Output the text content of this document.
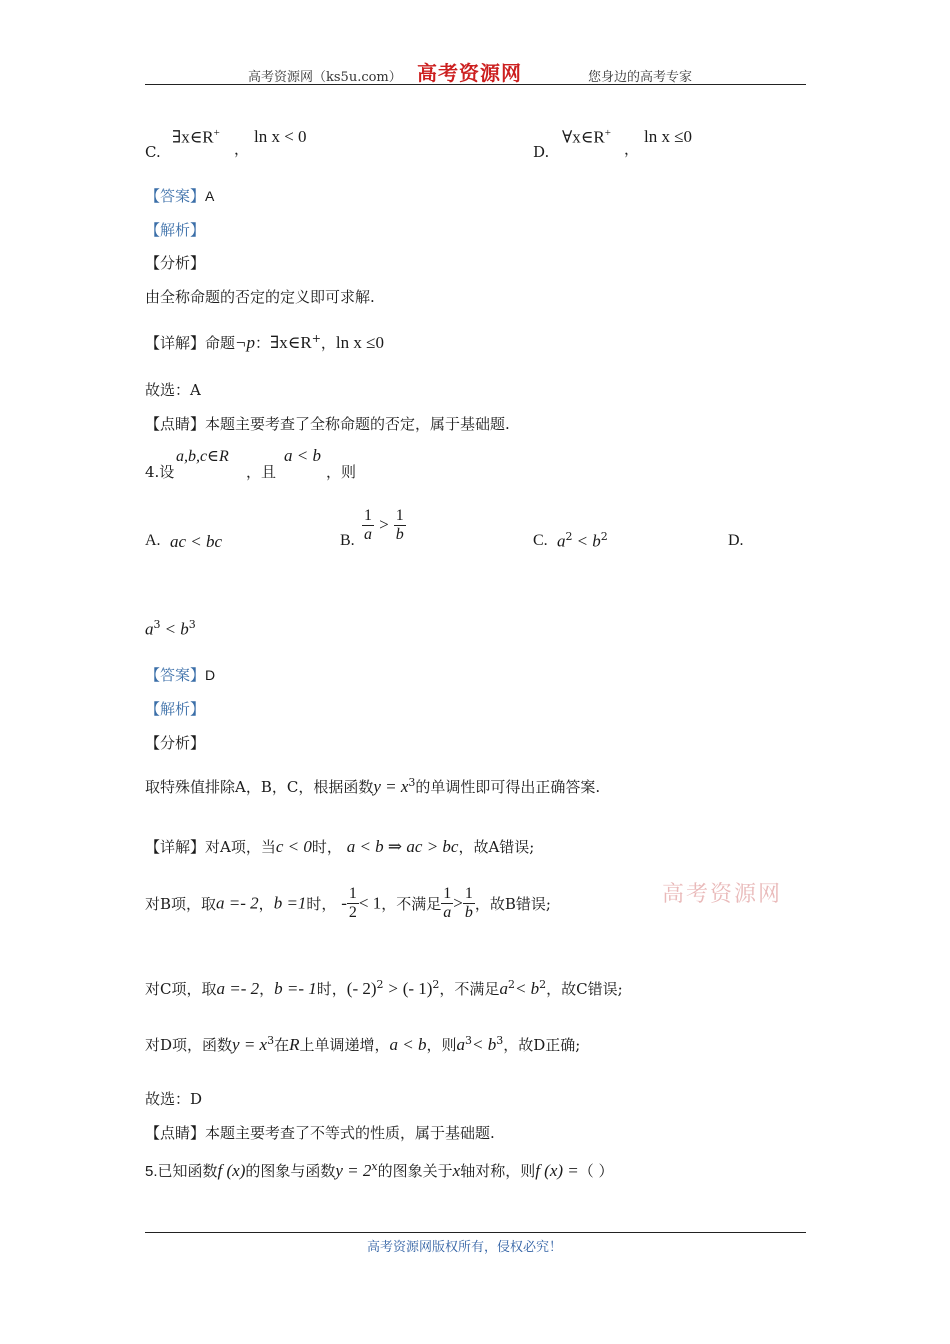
高考资源网（ks5u.com） 高考资源网	您身边的高考专家
C.
∃x∈R+
，
ln x < 0
D.
∀x∈R+
，
ln x ≤0
【答案】A
【解析】
【分析】
由全称命题的否定的定义即可求解.
【详解】命题¬p：∃x∈R+，ln x ≤0
故选：A
【点睛】本题主要考查了全称命题的否定，属于基础题.
4.设
a,b,c∈R
，且
a < b
，则
A. ac < bc	B. $\frac{1}{a} > \frac{1}{b}$	C. $a^2 < b^2$	D.
$a^3 < b^3$
【答案】D
【解析】
【分析】
取特殊值排除A，B，C，根据函数$y = x^3$的单调性即可得出正确答案.
【详解】对A项，当c < 0时， a < b ⇒ ac > bc，故A错误;
对B项，取a =- 2，b =1时， - $\frac{1}{2} < 1$，不满足 $\frac{1}{a} > \frac{1}{b}$ ，故B错误;	高考资源网
对C项，取a =- 2，b =- 1时，(- 2)$^2$ > (- 1)$^2$，不满足$a^2< b^2$，故C错误;
对D项，函数$y = x^3$在R上单调递增，a < b，则$a^3< b^3$，故D正确;
故选：D
【点睛】本题主要考查了不等式的性质，属于基础题.
5.已知函数f (x)的图象与函数$y = 2^x$的图象关于x轴对称，则f (x) =（ ）
高考资源网版权所有，侵权必究！
